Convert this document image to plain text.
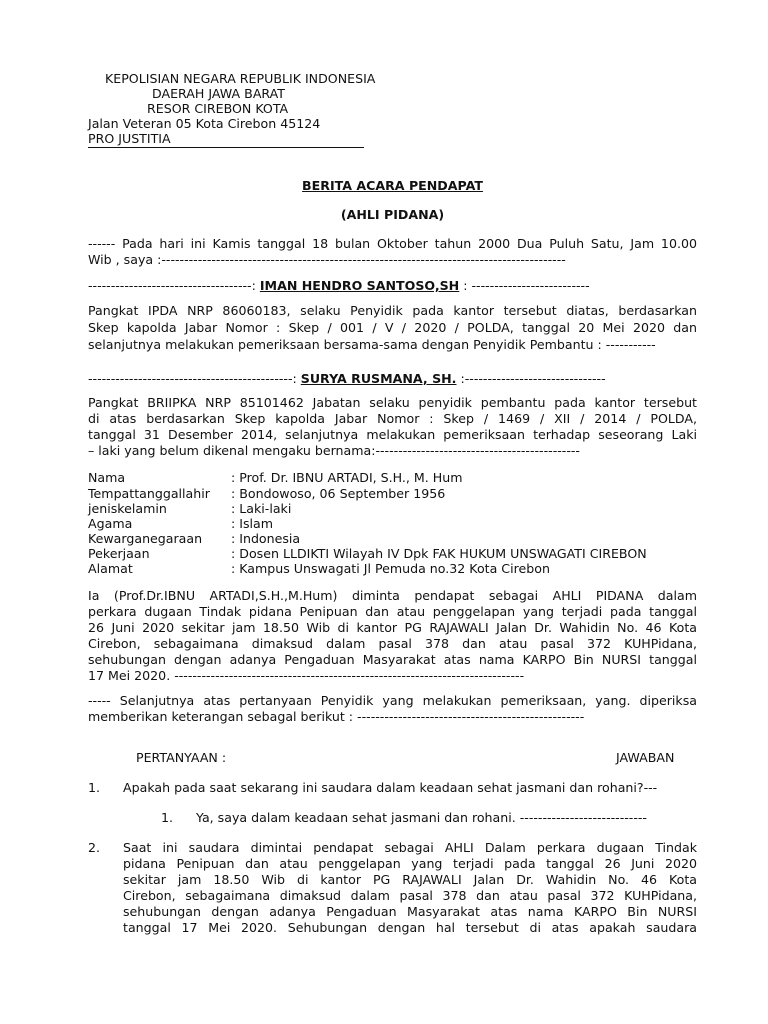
KEPOLISIAN NEGARA REPUBLIK INDONESIA
DAERAH JAWA BARAT
RESOR CIREBON KOTA
Jalan Veteran 05 Kota Cirebon 45124
PRO JUSTITIA
BERITA ACARA PENDAPAT
(AHLI PIDANA)
------ Pada hari ini Kamis tanggal 18 bulan Oktober tahun 2000 Dua Puluh Satu, Jam 10.00
Wib , saya :-----------------------------------------------------------------------------------------
------------------------------------: IMAN HENDRO SANTOSO,SH : --------------------------
Pangkat IPDA NRP 86060183, selaku Penyidik pada kantor tersebut diatas, berdasarkan
Skep kapolda Jabar Nomor : Skep / 001 / V / 2020 / POLDA, tanggal 20 Mei 2020 dan
selanjutnya melakukan pemeriksaan bersama-sama dengan Penyidik Pembantu : -----------
---------------------------------------------: SURYA RUSMANA, SH. :-------------------------------
Pangkat BRIIPKA NRP 85101462 Jabatan selaku penyidik pembantu pada kantor tersebut
di atas berdasarkan Skep kapolda Jabar Nomor : Skep / 1469 / XII / 2014 / POLDA,
tanggal 31 Desember 2014, selanjutnya melakukan pemeriksaan terhadap seseorang Laki
– laki yang belum dikenal mengaku bernama:---------------------------------------------
Nama	: Prof. Dr. IBNU ARTADI, S.H., M. Hum
Tempattanggallahir : Bondowoso, 06 September 1956
jeniskelamin	: Laki-laki
Agama	: Islam
Kewarganegaraan : Indonesia
Pekerjaan	: Dosen LLDIKTI Wilayah IV Dpk FAK HUKUM UNSWAGATI CIREBON
Alamat	: Kampus Unswagati Jl Pemuda no.32 Kota Cirebon
Ia (Prof.Dr.IBNU ARTADI,S.H.,M.Hum) diminta pendapat sebagai AHLI PIDANA dalam
perkara dugaan Tindak pidana Penipuan dan atau penggelapan yang terjadi pada tanggal
26 Juni 2020 sekitar jam 18.50 Wib di kantor PG RAJAWALI Jalan Dr. Wahidin No. 46 Kota
Cirebon, sebagaimana dimaksud dalam pasal 378 dan atau pasal 372 KUHPidana,
sehubungan dengan adanya Pengaduan Masyarakat atas nama KARPO Bin NURSI tanggal
17 Mei 2020. -----------------------------------------------------------------------------
----- Selanjutnya atas pertanyaan Penyidik yang melakukan pemeriksaan, yang. diperiksa
memberikan keterangan sebagal berikut : --------------------------------------------------
PERTANYAAN :	JAWABAN
1. Apakah pada saat sekarang ini saudara dalam keadaan sehat jasmani dan rohani?---
1. Ya, saya dalam keadaan sehat jasmani dan rohani. ----------------------------
2. Saat ini saudara dimintai pendapat sebagai AHLI Dalam perkara dugaan Tindak
pidana Penipuan dan atau penggelapan yang terjadi pada tanggal 26 Juni 2020
sekitar jam 18.50 Wib di kantor PG RAJAWALI Jalan Dr. Wahidin No. 46 Kota
Cirebon, sebagaimana dimaksud dalam pasal 378 dan atau pasal 372 KUHPidana,
sehubungan dengan adanya Pengaduan Masyarakat atas nama KARPO Bin NURSI
tanggal 17 Mei 2020. Sehubungan dengan hal tersebut di atas apakah saudara
